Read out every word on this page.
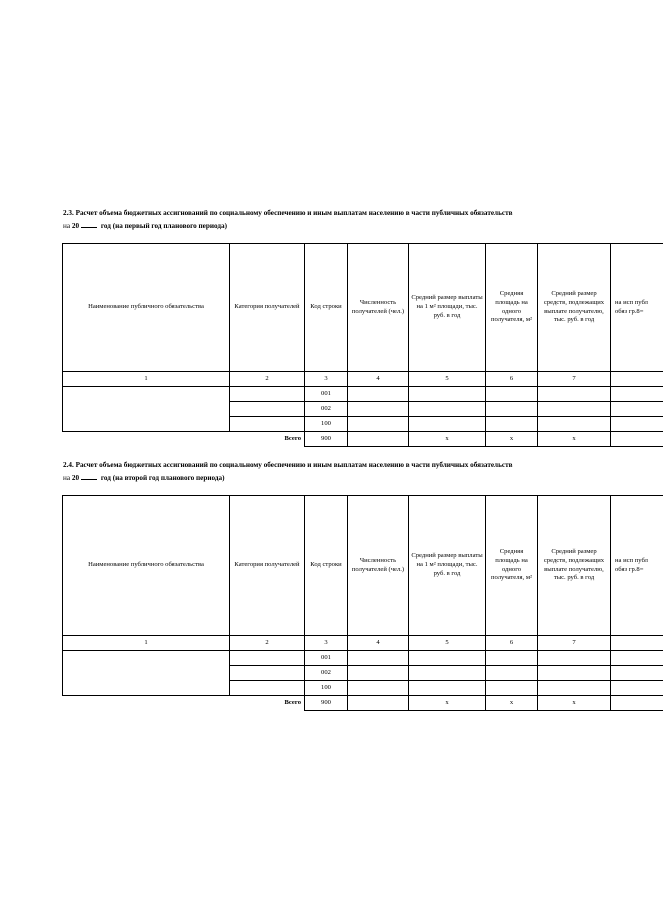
2.3. Расчет объема бюджетных ассигнований по социальному обеспечению и иным выплатам населению в части публичных обязательств
на 20	год (на первый год планового периода)
Наименование публичного обязательства	Категория получателей	Код строки	Численность получателей (чел.)	Средний размер выплаты на 1 м² площади, тыс. руб. в год	Средняя площадь на одного получателя, м²	Средний размер средств, подлежащих выплате получателю, тыс. руб. в год	на исп публ обяз гр.8=
1	2	3	4	5	6	7	
		001					
		002					
		100					
Всего		900		x	x	x	
2.4. Расчет объема бюджетных ассигнований по социальному обеспечению и иным выплатам населению в части публичных обязательств
на 20	год (на второй год планового периода)
Наименование публичного обязательства	Категория получателей	Код строки	Численность получателей (чел.)	Средний размер выплаты на 1 м² площади, тыс. руб. в год	Средняя площадь на одного получателя, м²	Средний размер средств, подлежащих выплате получателю, тыс. руб. в год	на исп публ обяз гр.8=
1	2	3	4	5	6	7	
		001					
		002					
		100					
Всего		900		x	x	x	
